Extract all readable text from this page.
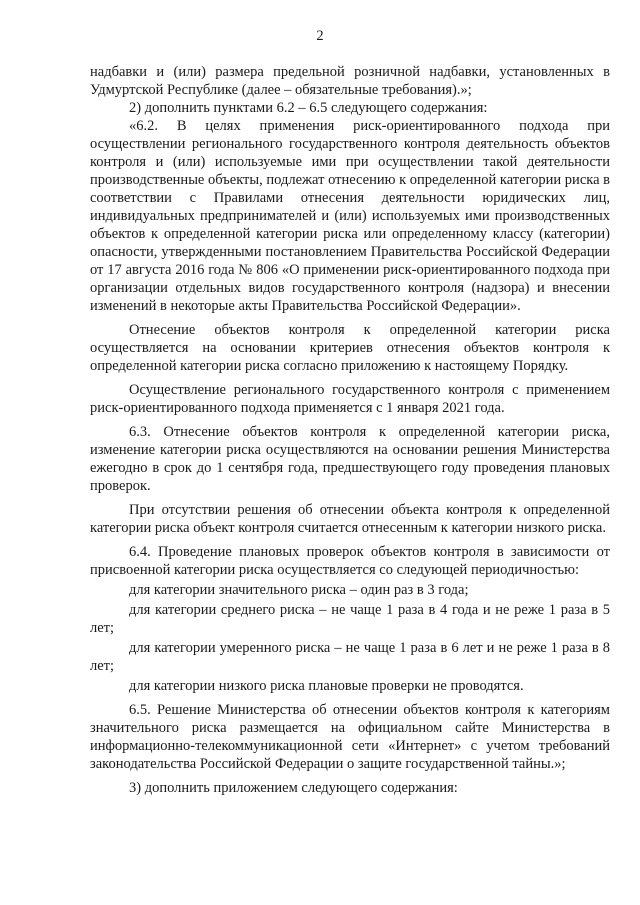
2

надбавки и (или) размера предельной розничной надбавки, установленных в Удмуртской Республике (далее – обязательные требования).»;

2) дополнить пунктами 6.2 – 6.5 следующего содержания:

«6.2. В целях применения риск-ориентированного подхода при осуществлении регионального государственного контроля деятельность объектов контроля и (или) используемые ими при осуществлении такой деятельности производственные объекты, подлежат отнесению к определенной категории риска в соответствии с Правилами отнесения деятельности юридических лиц, индивидуальных предпринимателей и (или) используемых ими производственных объектов к определенной категории риска или определенному классу (категории) опасности, утвержденными постановлением Правительства Российской Федерации от 17 августа 2016 года № 806 «О применении риск-ориентированного подхода при организации отдельных видов государственного контроля (надзора) и внесении изменений в некоторые акты Правительства Российской Федерации».

Отнесение объектов контроля к определенной категории риска осуществляется на основании критериев отнесения объектов контроля к определенной категории риска согласно приложению к настоящему Порядку.

Осуществление регионального государственного контроля с применением риск-ориентированного подхода применяется с 1 января 2021 года.

6.3. Отнесение объектов контроля к определенной категории риска, изменение категории риска осуществляются на основании решения Министерства ежегодно в срок до 1 сентября года, предшествующего году проведения плановых проверок.

При отсутствии решения об отнесении объекта контроля к определенной категории риска объект контроля считается отнесенным к категории низкого риска.

6.4. Проведение плановых проверок объектов контроля в зависимости от присвоенной категории риска осуществляется со следующей периодичностью:

для категории значительного риска – один раз в 3 года;

для категории среднего риска – не чаще 1 раза в 4 года и не реже 1 раза в 5 лет;

для категории умеренного риска – не чаще 1 раза в 6 лет и не реже 1 раза в 8 лет;

для категории низкого риска плановые проверки не проводятся.

6.5. Решение Министерства об отнесении объектов контроля к категориям значительного риска размещается на официальном сайте Министерства в информационно-телекоммуникационной сети «Интернет» с учетом требований законодательства Российской Федерации о защите государственной тайны.»;

3) дополнить приложением следующего содержания:
